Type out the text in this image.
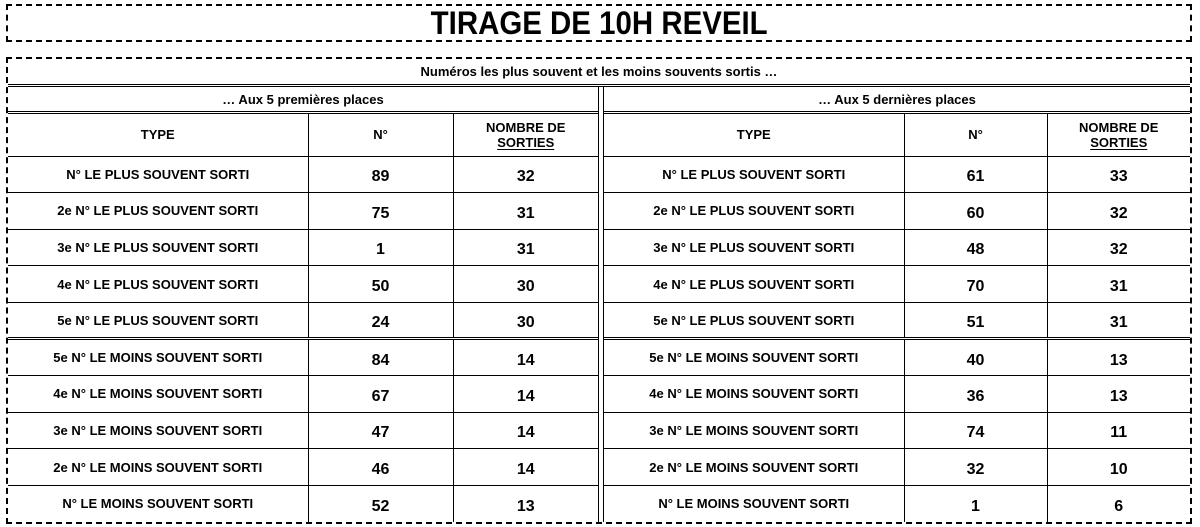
TIRAGE DE 10H REVEIL
Numéros les plus souvent et les moins souvents sortis …
… Aux 5 premières places
TYPE	N°	NOMBRE DE
SORTIES
N° LE PLUS SOUVENT SORTI	89	32
2e N° LE PLUS SOUVENT SORTI	75	31
3e N° LE PLUS SOUVENT SORTI	1	31
4e N° LE PLUS SOUVENT SORTI	50	30
5e N° LE PLUS SOUVENT SORTI	24	30
5e N° LE MOINS SOUVENT SORTI	84	14
4e N° LE MOINS SOUVENT SORTI	67	14
3e N° LE MOINS SOUVENT SORTI	47	14
2e N° LE MOINS SOUVENT SORTI	46	14
N° LE MOINS SOUVENT SORTI	52	13
… Aux 5 dernières places
TYPE	N°	NOMBRE DE
SORTIES
N° LE PLUS SOUVENT SORTI	61	33
2e N° LE PLUS SOUVENT SORTI	60	32
3e N° LE PLUS SOUVENT SORTI	48	32
4e N° LE PLUS SOUVENT SORTI	70	31
5e N° LE PLUS SOUVENT SORTI	51	31
5e N° LE MOINS SOUVENT SORTI	40	13
4e N° LE MOINS SOUVENT SORTI	36	13
3e N° LE MOINS SOUVENT SORTI	74	11
2e N° LE MOINS SOUVENT SORTI	32	10
N° LE MOINS SOUVENT SORTI	1	6
